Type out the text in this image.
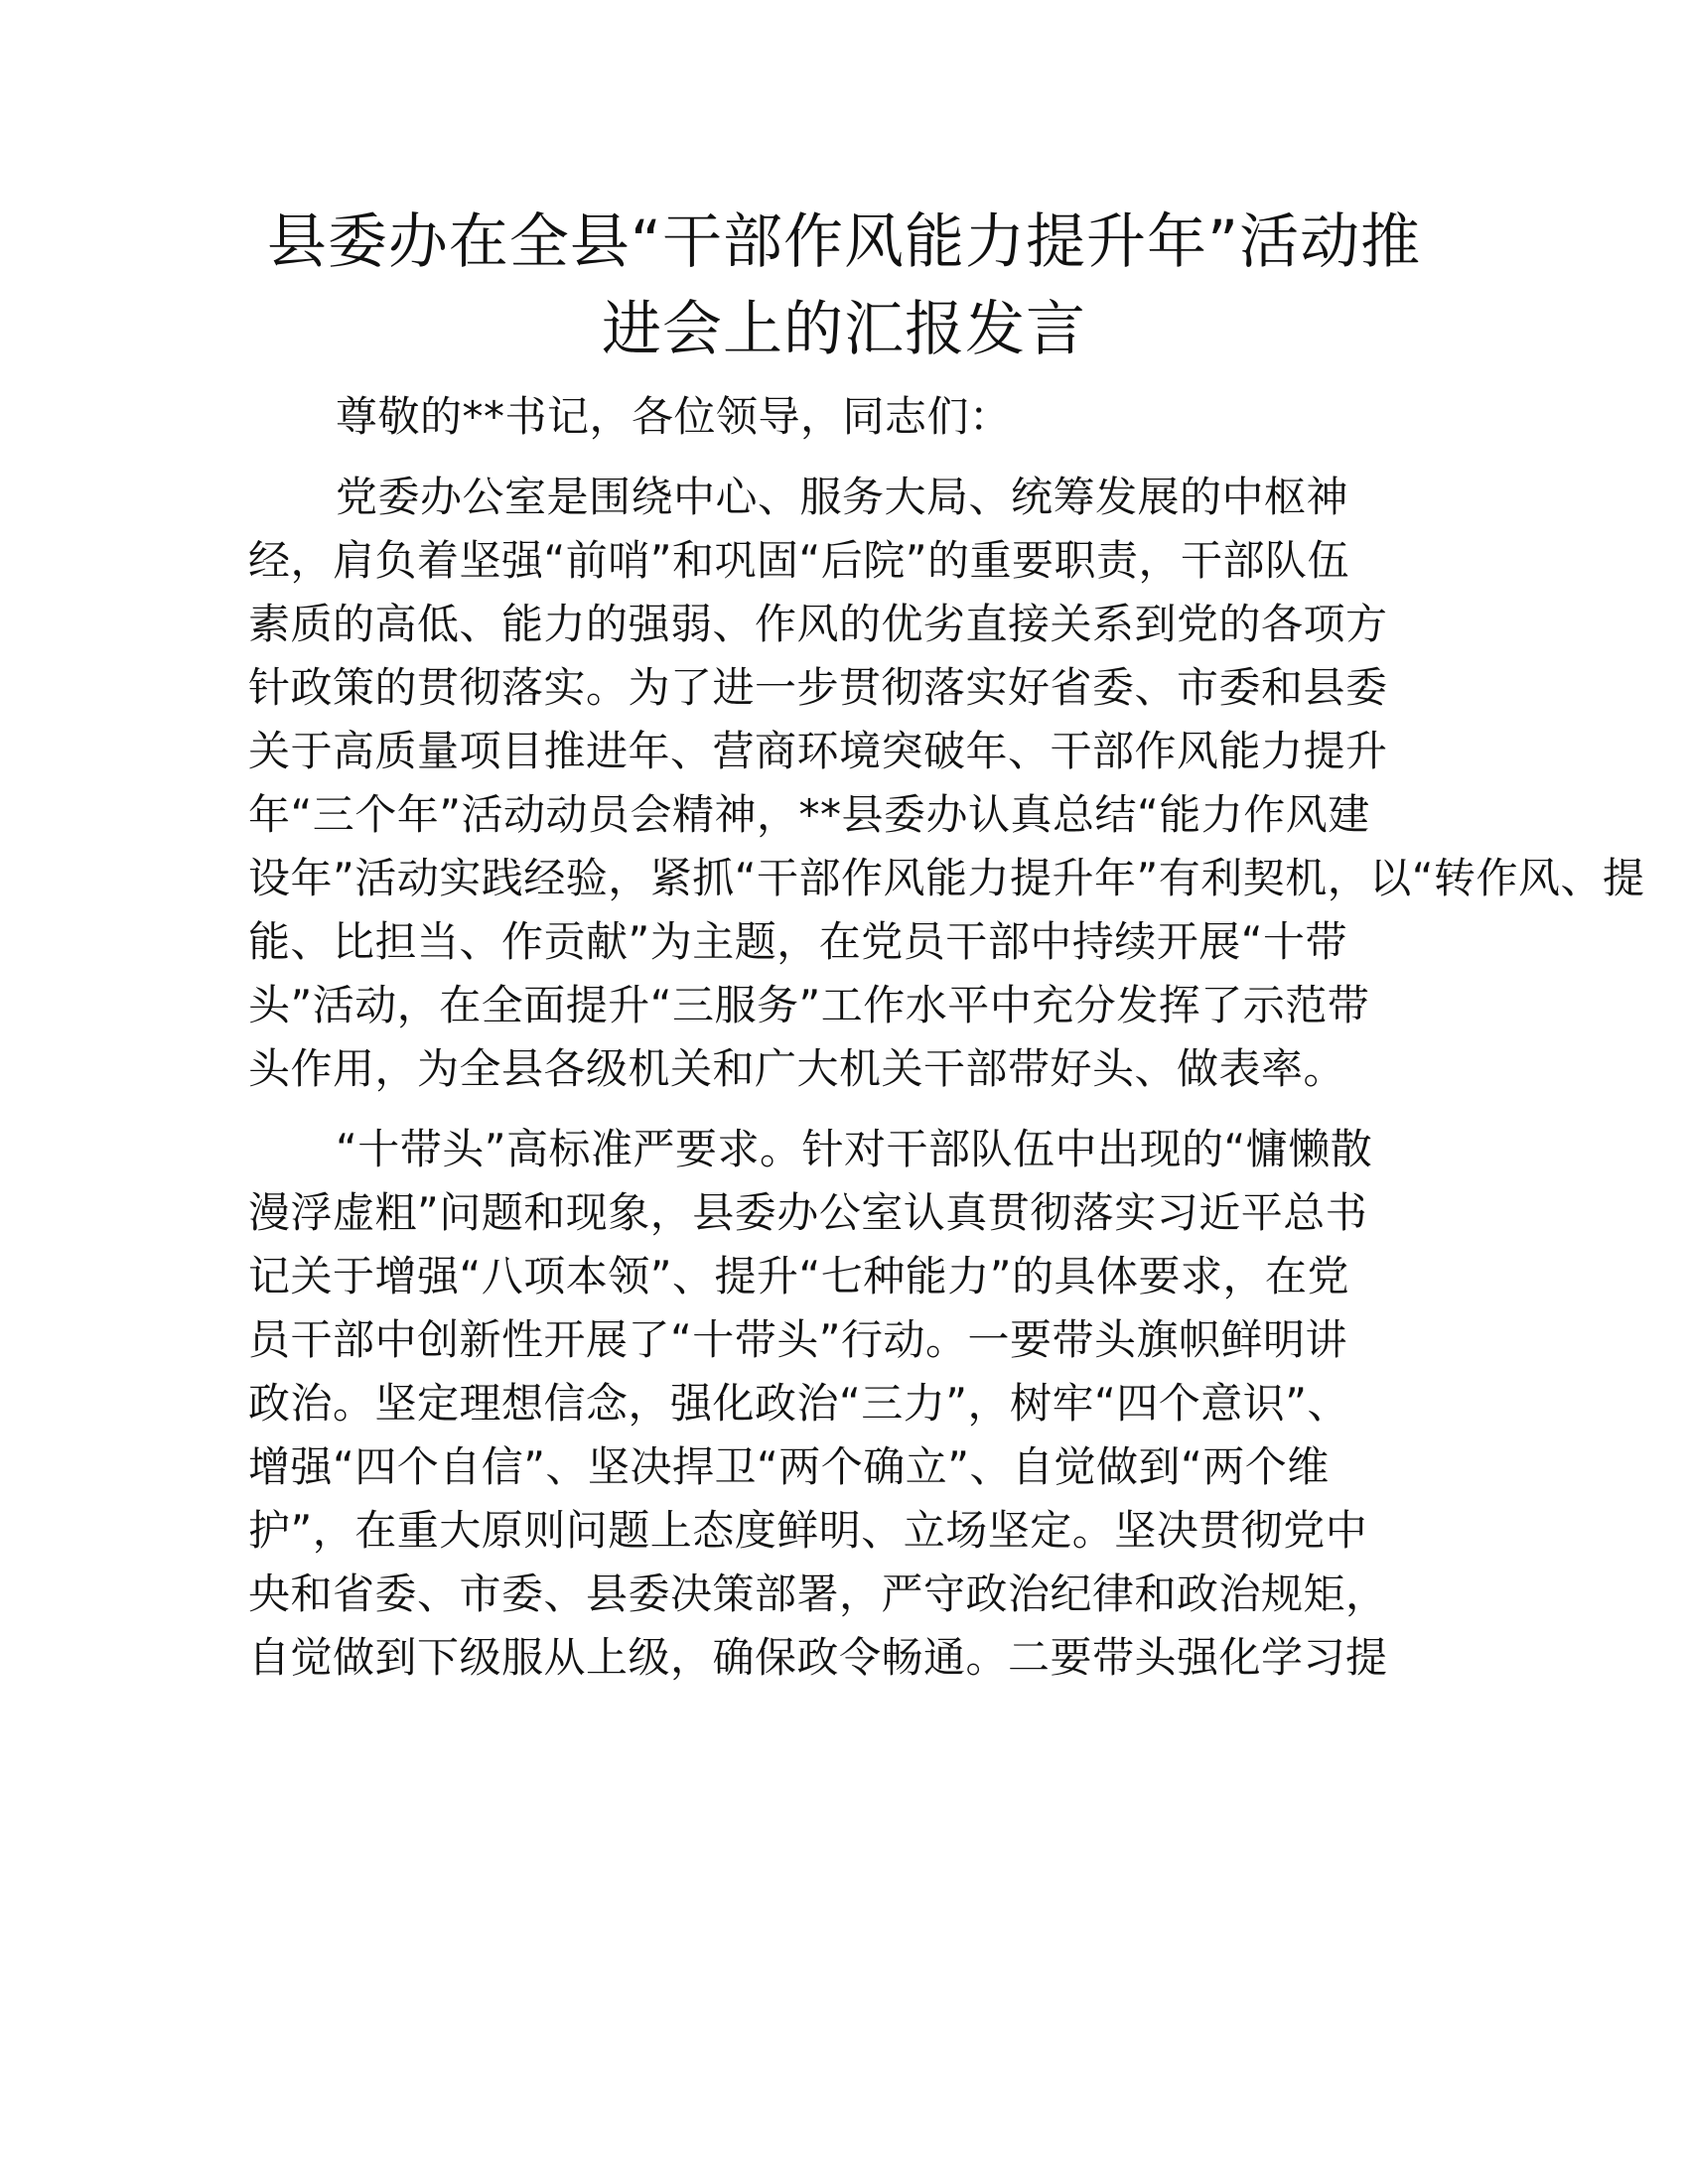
县委办在全县“干部作风能力提升年”活动推
进会上的汇报发言
尊敬的**书记，各位领导，同志们：
党委办公室是围绕中心、服务大局、统筹发展的中枢神
经，肩负着坚强“前哨”和巩固“后院”的重要职责，干部队伍
素质的高低、能力的强弱、作风的优劣直接关系到党的各项方
针政策的贯彻落实。为了进一步贯彻落实好省委、市委和县委
关于高质量项目推进年、营商环境突破年、干部作风能力提升
年“三个年”活动动员会精神，**县委办认真总结“能力作风建
设年”活动实践经验，紧抓“干部作风能力提升年”有利契机，以“转作风、提
能、比担当、作贡献”为主题，在党员干部中持续开展“十带
头”活动，在全面提升“三服务”工作水平中充分发挥了示范带
头作用，为全县各级机关和广大机关干部带好头、做表率。
“十带头”高标准严要求。针对干部队伍中出现的“慵懒散
漫浮虚粗”问题和现象，县委办公室认真贯彻落实习近平总书
记关于增强“八项本领”、提升“七种能力”的具体要求，在党
员干部中创新性开展了“十带头”行动。一要带头旗帜鲜明讲
政治。坚定理想信念，强化政治“三力”，树牢“四个意识”、
增强“四个自信”、坚决捍卫“两个确立”、自觉做到“两个维
护”，在重大原则问题上态度鲜明、立场坚定。坚决贯彻党中
央和省委、市委、县委决策部署，严守政治纪律和政治规矩，
自觉做到下级服从上级，确保政令畅通。二要带头强化学习提
